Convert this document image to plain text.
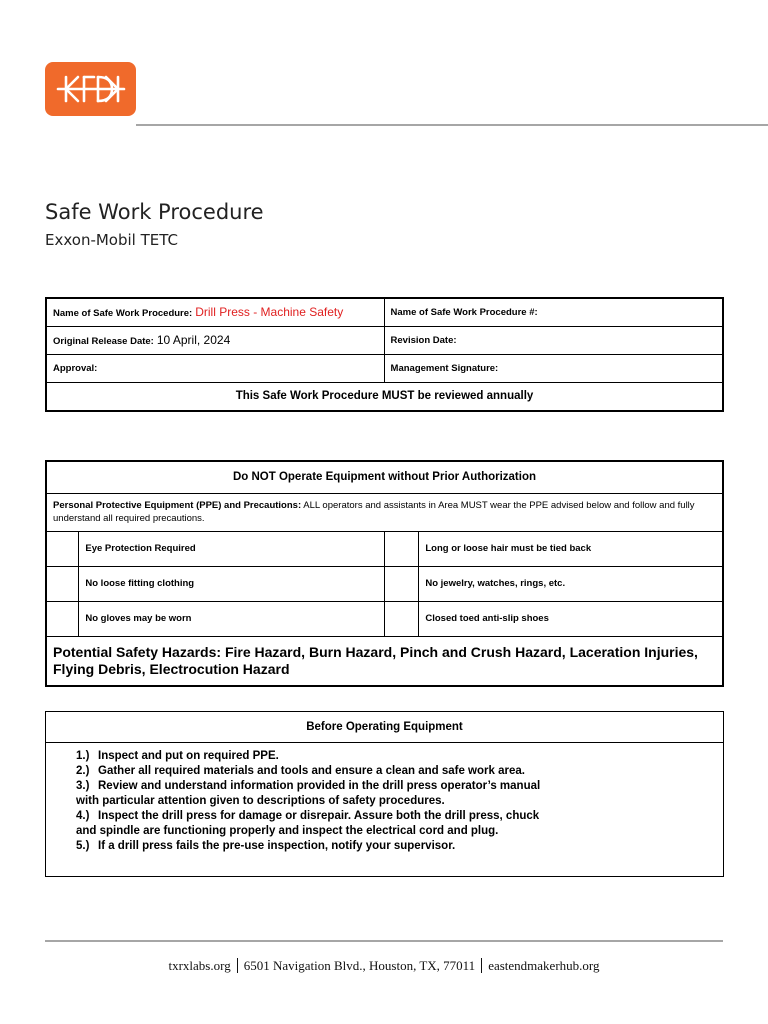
Safe Work Procedure
Exxon-Mobil TETC
Name of Safe Work Procedure: Drill Press - Machine Safety	Name of Safe Work Procedure #:
Original Release Date: 10 April, 2024	Revision Date:
Approval:	Management Signature:
This Safe Work Procedure MUST be reviewed annually	
Do NOT Operate Equipment without Prior Authorization			
Personal Protective Equipment (PPE) and Precautions: ALL operators and assistants in Area MUST wear the PPE advised below and follow and fully understand all required precautions.			
	Eye Protection Required		Long or loose hair must be tied back
	No loose fitting clothing		No jewelry, watches, rings, etc.
	No gloves may be worn		Closed toed anti-slip shoes
Potential Safety Hazards: Fire Hazard, Burn Hazard, Pinch and Crush Hazard, Laceration Injuries, Flying Debris, Electrocution Hazard			
Before Operating Equipment

1.) Inspect and put on required PPE.
2.) Gather all required materials and tools and ensure a clean and safe work area.
3.) Review and understand information provided in the drill press operator’s manual
with particular attention given to descriptions of safety procedures.
4.) Inspect the drill press for damage or disrepair. Assure both the drill press, chuck
and spindle are functioning properly and inspect the electrical cord and plug.
5.) If a drill press fails the pre-use inspection, notify your supervisor.
txrxlabs.org 6501 Navigation Blvd., Houston, TX, 77011 eastendmakerhub.org
